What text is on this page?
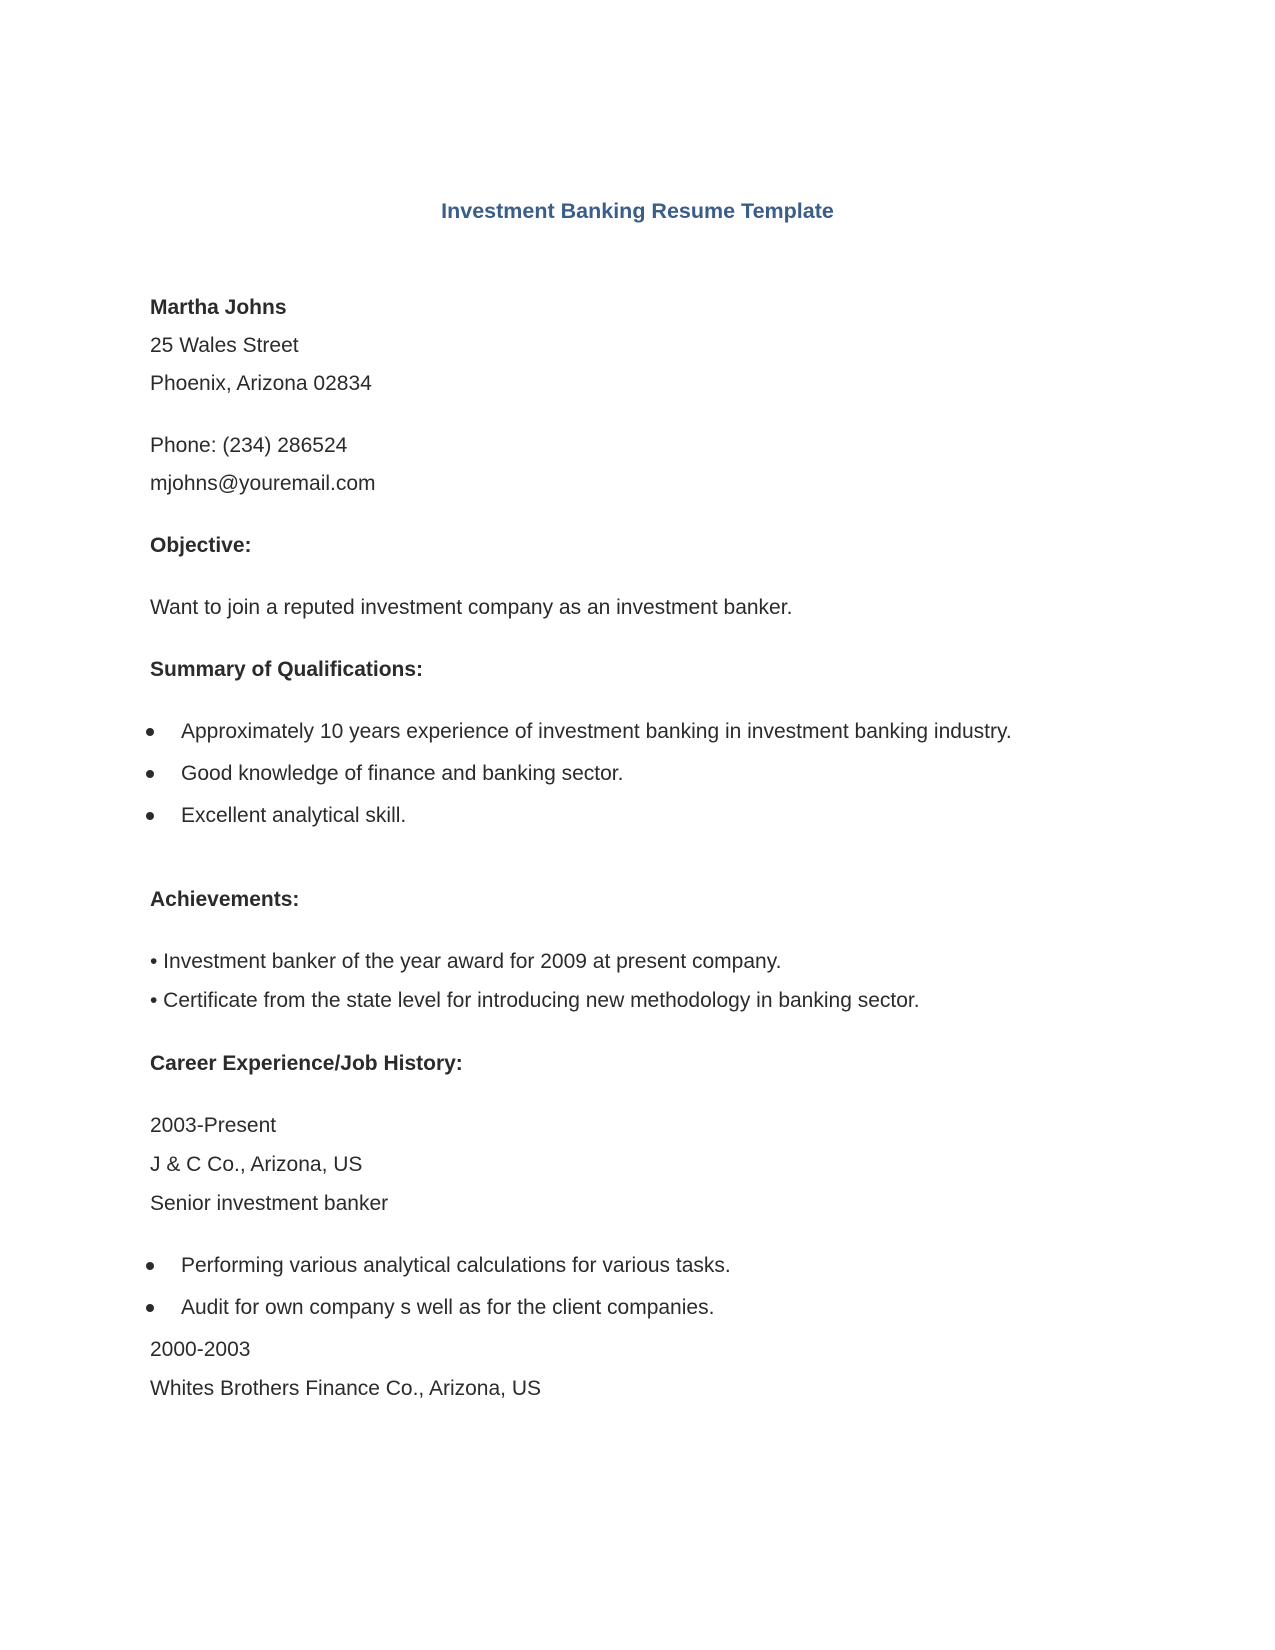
Investment Banking Resume Template
Martha Johns
25 Wales Street
Phoenix, Arizona 02834
Phone: (234) 286524
mjohns@youremail.com
Objective:
Want to join a reputed investment company as an investment banker.
Summary of Qualifications:
Approximately 10 years experience of investment banking in investment banking industry.
Good knowledge of finance and banking sector.
Excellent analytical skill.
Achievements:
• Investment banker of the year award for 2009 at present company.
• Certificate from the state level for introducing new methodology in banking sector.
Career Experience/Job History:
2003-Present
J & C Co., Arizona, US
Senior investment banker
Performing various analytical calculations for various tasks.
Audit for own company s well as for the client companies.
2000-2003
Whites Brothers Finance Co., Arizona, US
